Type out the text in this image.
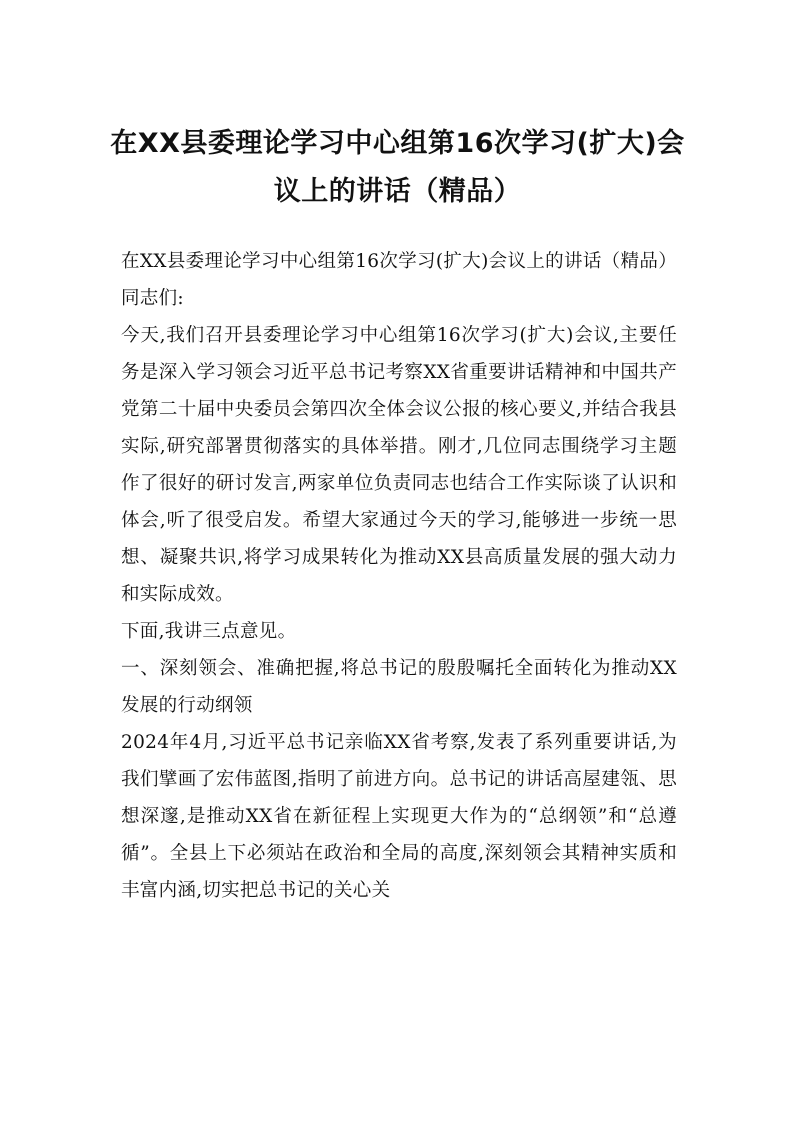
在XX县委理论学习中心组第16次学习(扩大)会议上的讲话（精品）

在XX县委理论学习中心组第16次学习(扩大)会议上的讲话（精品）同志们:

今天,我们召开县委理论学习中心组第16次学习(扩大)会议,主要任务是深入学习领会习近平总书记考察XX省重要讲话精神和中国共产党第二十届中央委员会第四次全体会议公报的核心要义,并结合我县实际,研究部署贯彻落实的具体举措。刚才,几位同志围绕学习主题作了很好的研讨发言,两家单位负责同志也结合工作实际谈了认识和体会,听了很受启发。希望大家通过今天的学习,能够进一步统一思想、凝聚共识,将学习成果转化为推动XX县高质量发展的强大动力和实际成效。

下面,我讲三点意见。

一、深刻领会、准确把握,将总书记的殷殷嘱托全面转化为推动XX发展的行动纲领

2024年4月,习近平总书记亲临XX省考察,发表了系列重要讲话,为我们擘画了宏伟蓝图,指明了前进方向。总书记的讲话高屋建瓴、思想深邃,是推动XX省在新征程上实现更大作为的“总纲领”和“总遵循”。全县上下必须站在政治和全局的高度,深刻领会其精神实质和丰富内涵,切实把总书记的关心关
